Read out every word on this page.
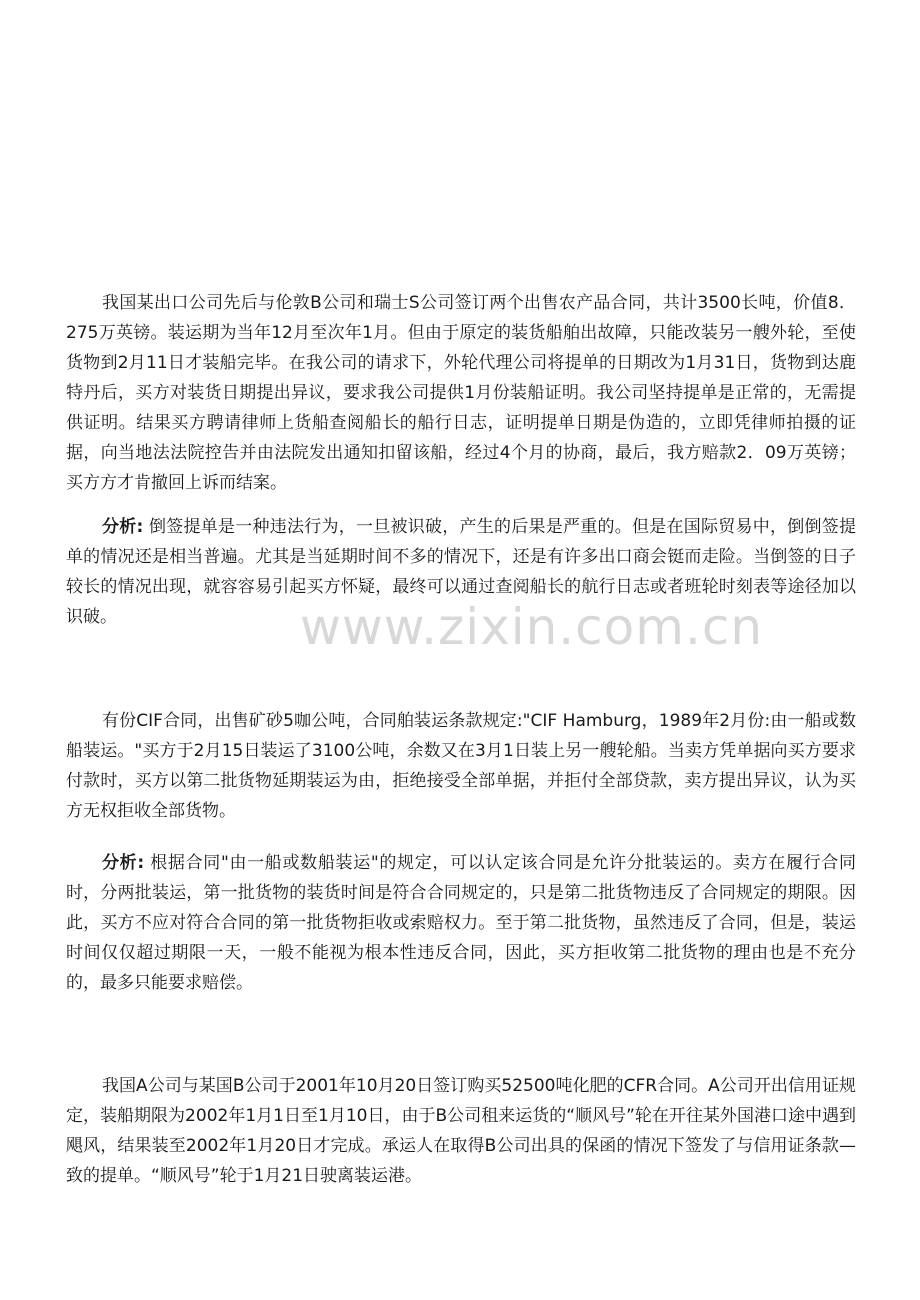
我国某出口公司先后与伦敦B公司和瑞士S公司签订两个出售农产品合同，共计3500长吨，价值8．275万英镑。装运期为当年12月至次年1月。但由于原定的装货船舶出故障，只能改装另一艘外轮，至使货物到2月11日才装船完毕。在我公司的请求下，外轮代理公司将提单的日期改为1月31日，货物到达鹿特丹后，买方对装货日期提出异议，要求我公司提供1月份装船证明。我公司坚持提单是正常的，无需提供证明。结果买方聘请律师上货船查阅船长的船行日志，证明提单日期是伪造的，立即凭律师拍摄的证据，向当地法法院控告并由法院发出通知扣留该船，经过4个月的协商，最后，我方赔款2．09万英镑；买方方才肯撤回上诉而结案。

分析: 倒签提单是一种违法行为，一旦被识破，产生的后果是严重的。但是在国际贸易中，倒倒签提单的情况还是相当普遍。尤其是当延期时间不多的情况下，还是有许多出口商会铤而走险。当倒签的日子较长的情况出现，就容容易引起买方怀疑，最终可以通过查阅船长的航行日志或者班轮时刻表等途径加以识破。	www.zixin.com.cn

有份CIF合同，出售矿砂5咖公吨，合同舶装运条款规定:"CIF Hamburg，1989年2月份:由一船或数船装运。"买方于2月15日装运了3100公吨，余数又在3月1日装上另一艘轮船。当卖方凭单据向买方要求付款时，买方以第二批货物延期装运为由，拒绝接受全部单据，并拒付全部贷款，卖方提出异议，认为买方无权拒收全部货物。

分析: 根据合同"由一船或数船装运"的规定，可以认定该合同是允许分批装运的。卖方在履行合同时，分两批装运，第一批货物的装货时间是符合合同规定的，只是第二批货物违反了合同规定的期限。因此，买方不应对符合合同的第一批货物拒收或索赔权力。至于第二批货物，虽然违反了合同，但是，装运时间仅仅超过期限一天，一般不能视为根本性违反合同，因此，买方拒收第二批货物的理由也是不充分的，最多只能要求赔偿。

我国A公司与某国B公司于2001年10月20日签订购买52500吨化肥的CFR合同。A公司开出信用证规定，装船期限为2002年1月1日至1月10日，由于B公司租来运货的“顺风号”轮在开往某外国港口途中遇到飓风，结果装至2002年1月20日才完成。承运人在取得B公司出具的保函的情况下签发了与信用证条款—致的提单。“顺风号”轮于1月21日驶离装运港。
